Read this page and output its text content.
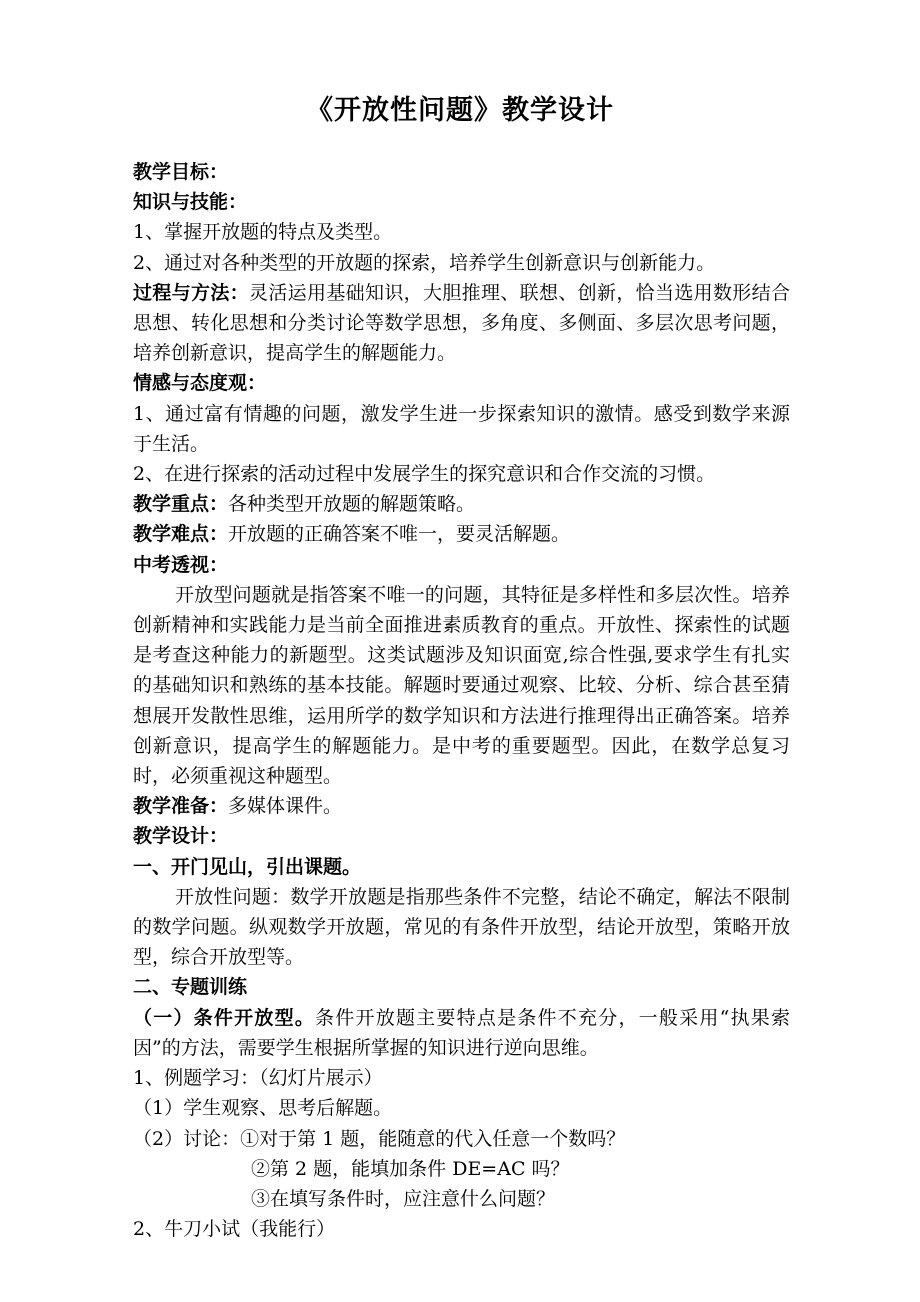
《开放性问题》教学设计

教学目标：

知识与技能：

1、掌握开放题的特点及类型。

2、通过对各种类型的开放题的探索，培养学生创新意识与创新能力。

过程与方法：灵活运用基础知识，大胆推理、联想、创新，恰当选用数形结合思想、转化思想和分类讨论等数学思想，多角度、多侧面、多层次思考问题，培养创新意识，提高学生的解题能力。

情感与态度观：

1、通过富有情趣的问题，激发学生进一步探索知识的激情。感受到数学来源于生活。

2、在进行探索的活动过程中发展学生的探究意识和合作交流的习惯。

教学重点：各种类型开放题的解题策略。

教学难点：开放题的正确答案不唯一，要灵活解题。

中考透视：

开放型问题就是指答案不唯一的问题，其特征是多样性和多层次性。培养创新精神和实践能力是当前全面推进素质教育的重点。开放性、探索性的试题是考查这种能力的新题型。这类试题涉及知识面宽,综合性强,要求学生有扎实的基础知识和熟练的基本技能。解题时要通过观察、比较、分析、综合甚至猜想展开发散性思维，运用所学的数学知识和方法进行推理得出正确答案。培养创新意识，提高学生的解题能力。是中考的重要题型。因此，在数学总复习时，必须重视这种题型。

教学准备：多媒体课件。

教学设计：

一、开门见山，引出课题。

开放性问题：数学开放题是指那些条件不完整，结论不确定，解法不限制的数学问题。纵观数学开放题，常见的有条件开放型，结论开放型，策略开放型，综合开放型等。

二、专题训练

（一）条件开放型。条件开放题主要特点是条件不充分，一般采用“执果索因”的方法，需要学生根据所掌握的知识进行逆向思维。

1、例题学习：（幻灯片展示）

（1）学生观察、思考后解题。

（2）讨论：①对于第 1 题，能随意的代入任意一个数吗？

②第 2 题，能填加条件 DE=AC 吗？

③在填写条件时，应注意什么问题？

2、牛刀小试（我能行）
